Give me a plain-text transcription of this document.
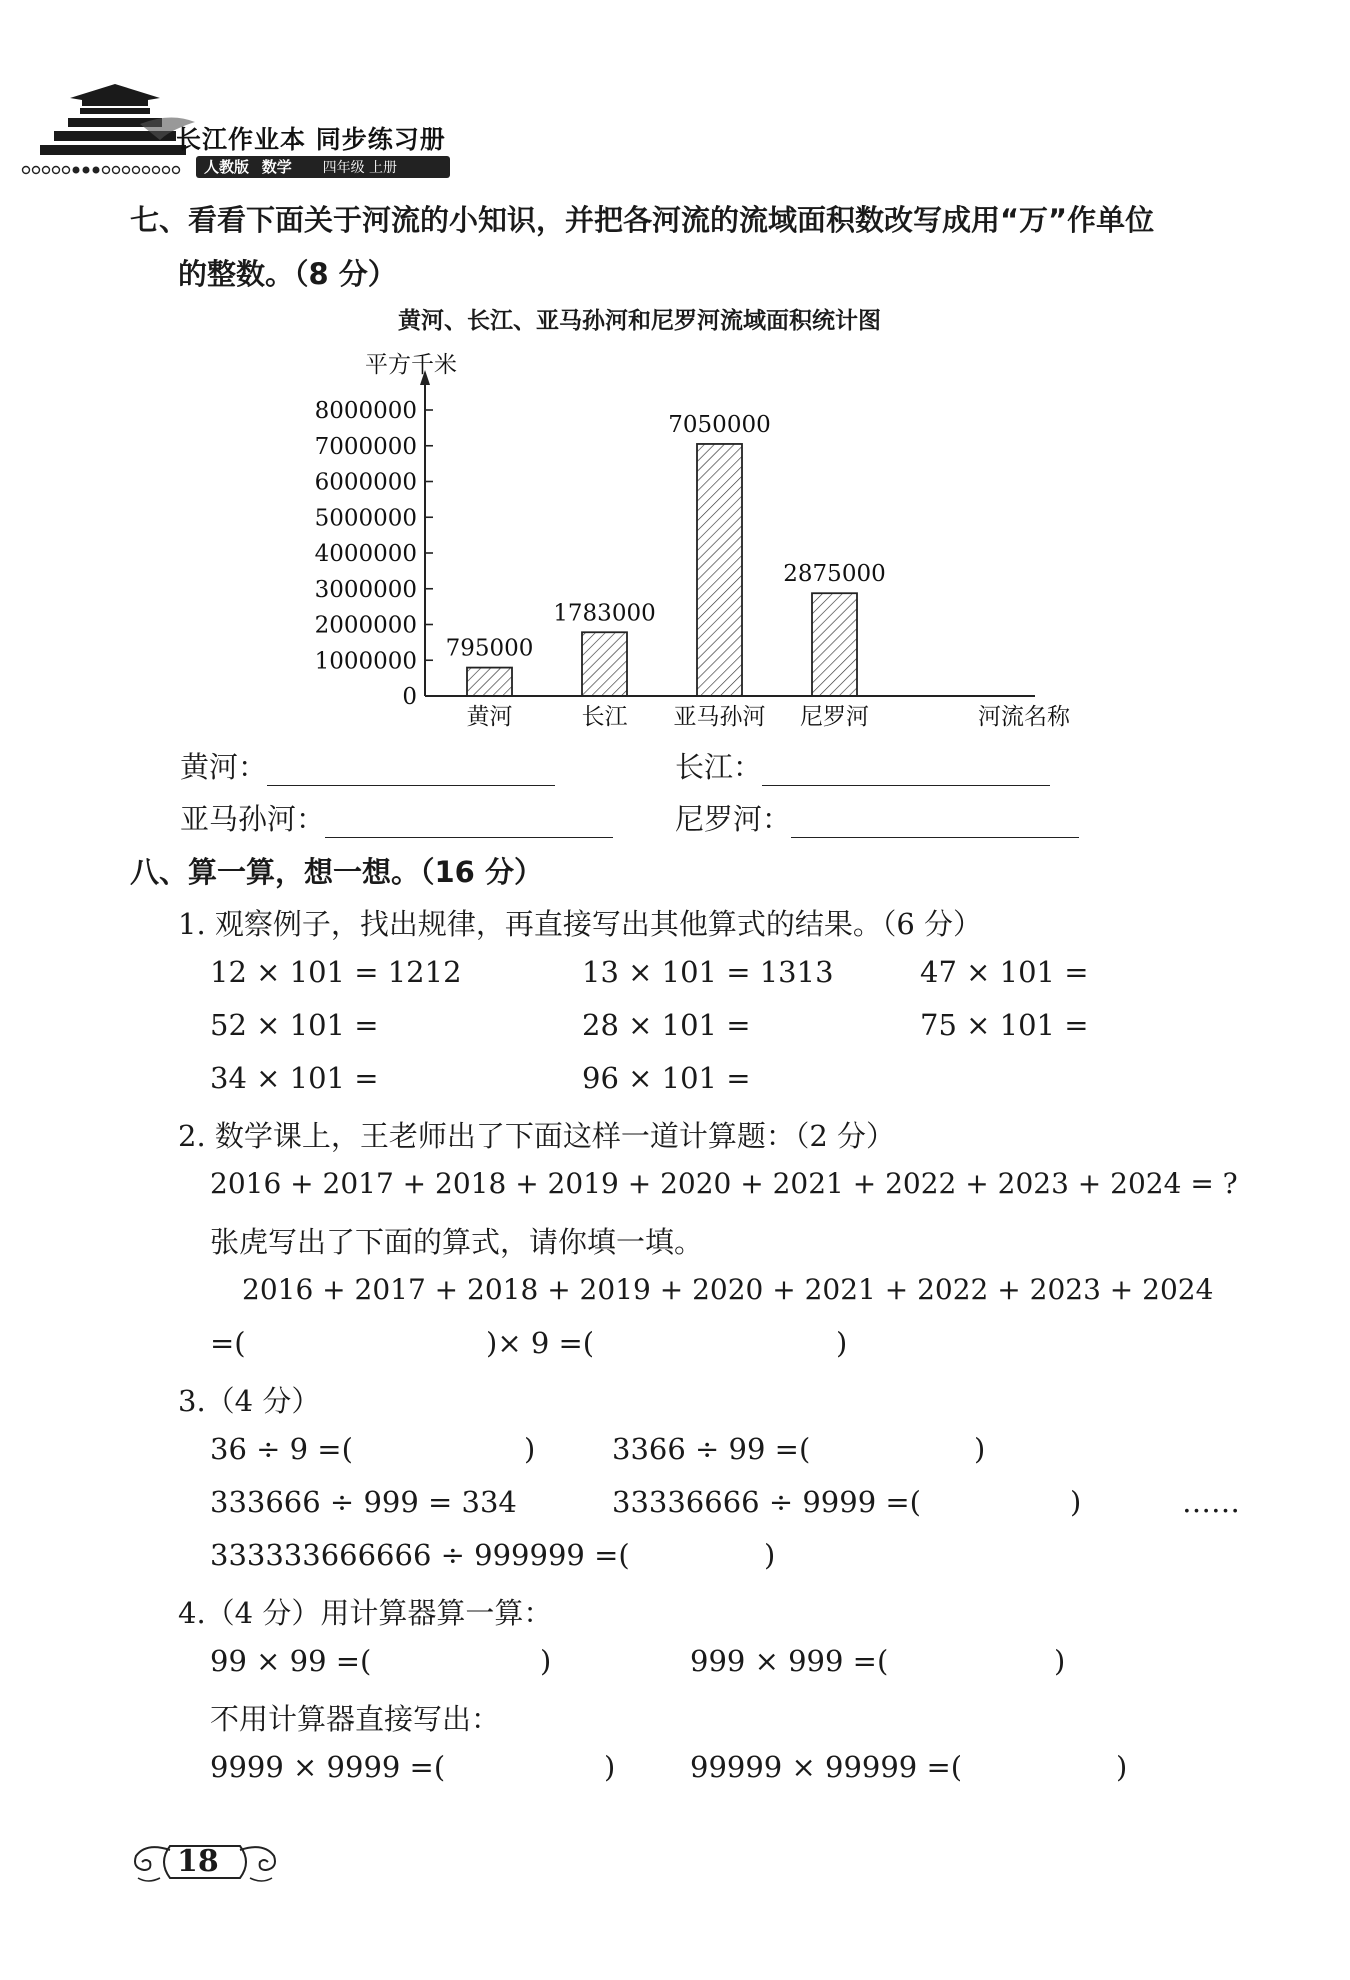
长江作业本 同步练习册
人教版 数学 四年级 上册
七、看看下面关于河流的小知识，并把各河流的流域面积数改写成用“万”作单位
的整数。（8 分）
黄河、长江、亚马孙河和尼罗河流域面积统计图
平方千米
0
1000000
2000000
3000000
4000000
5000000
6000000
7000000
8000000
795000
黄河
1783000
长江
7050000
亚马孙河
2875000
尼罗河	河流名称
黄河：	长江：
亚马孙河：	尼罗河：
八、算一算，想一想。（16 分）
1. 观察例子，找出规律，再直接写出其他算式的结果。（6 分）
12 × 101 = 1212	13 × 101 = 1313	47 × 101 =
52 × 101 =	28 × 101 =	75 × 101 =
34 × 101 =	96 × 101 =
2. 数学课上，王老师出了下面这样一道计算题：（2 分）
2016 + 2017 + 2018 + 2019 + 2020 + 2021 + 2022 + 2023 + 2024 = ?
张虎写出了下面的算式，请你填一填。
2016 + 2017 + 2018 + 2019 + 2020 + 2021 + 2022 + 2023 + 2024
=(	)× 9 =(	)
3.（4 分）
36 ÷ 9 =(	)	3366 ÷ 99 =(	)
333666 ÷ 999 = 334	33336666 ÷ 9999 =(	)	……
333333666666 ÷ 999999 =(	)
4.（4 分）用计算器算一算：
99 × 99 =(	)	999 × 999 =(	)
不用计算器直接写出：
9999 × 9999 =(	)	99999 × 99999 =(	)
18
